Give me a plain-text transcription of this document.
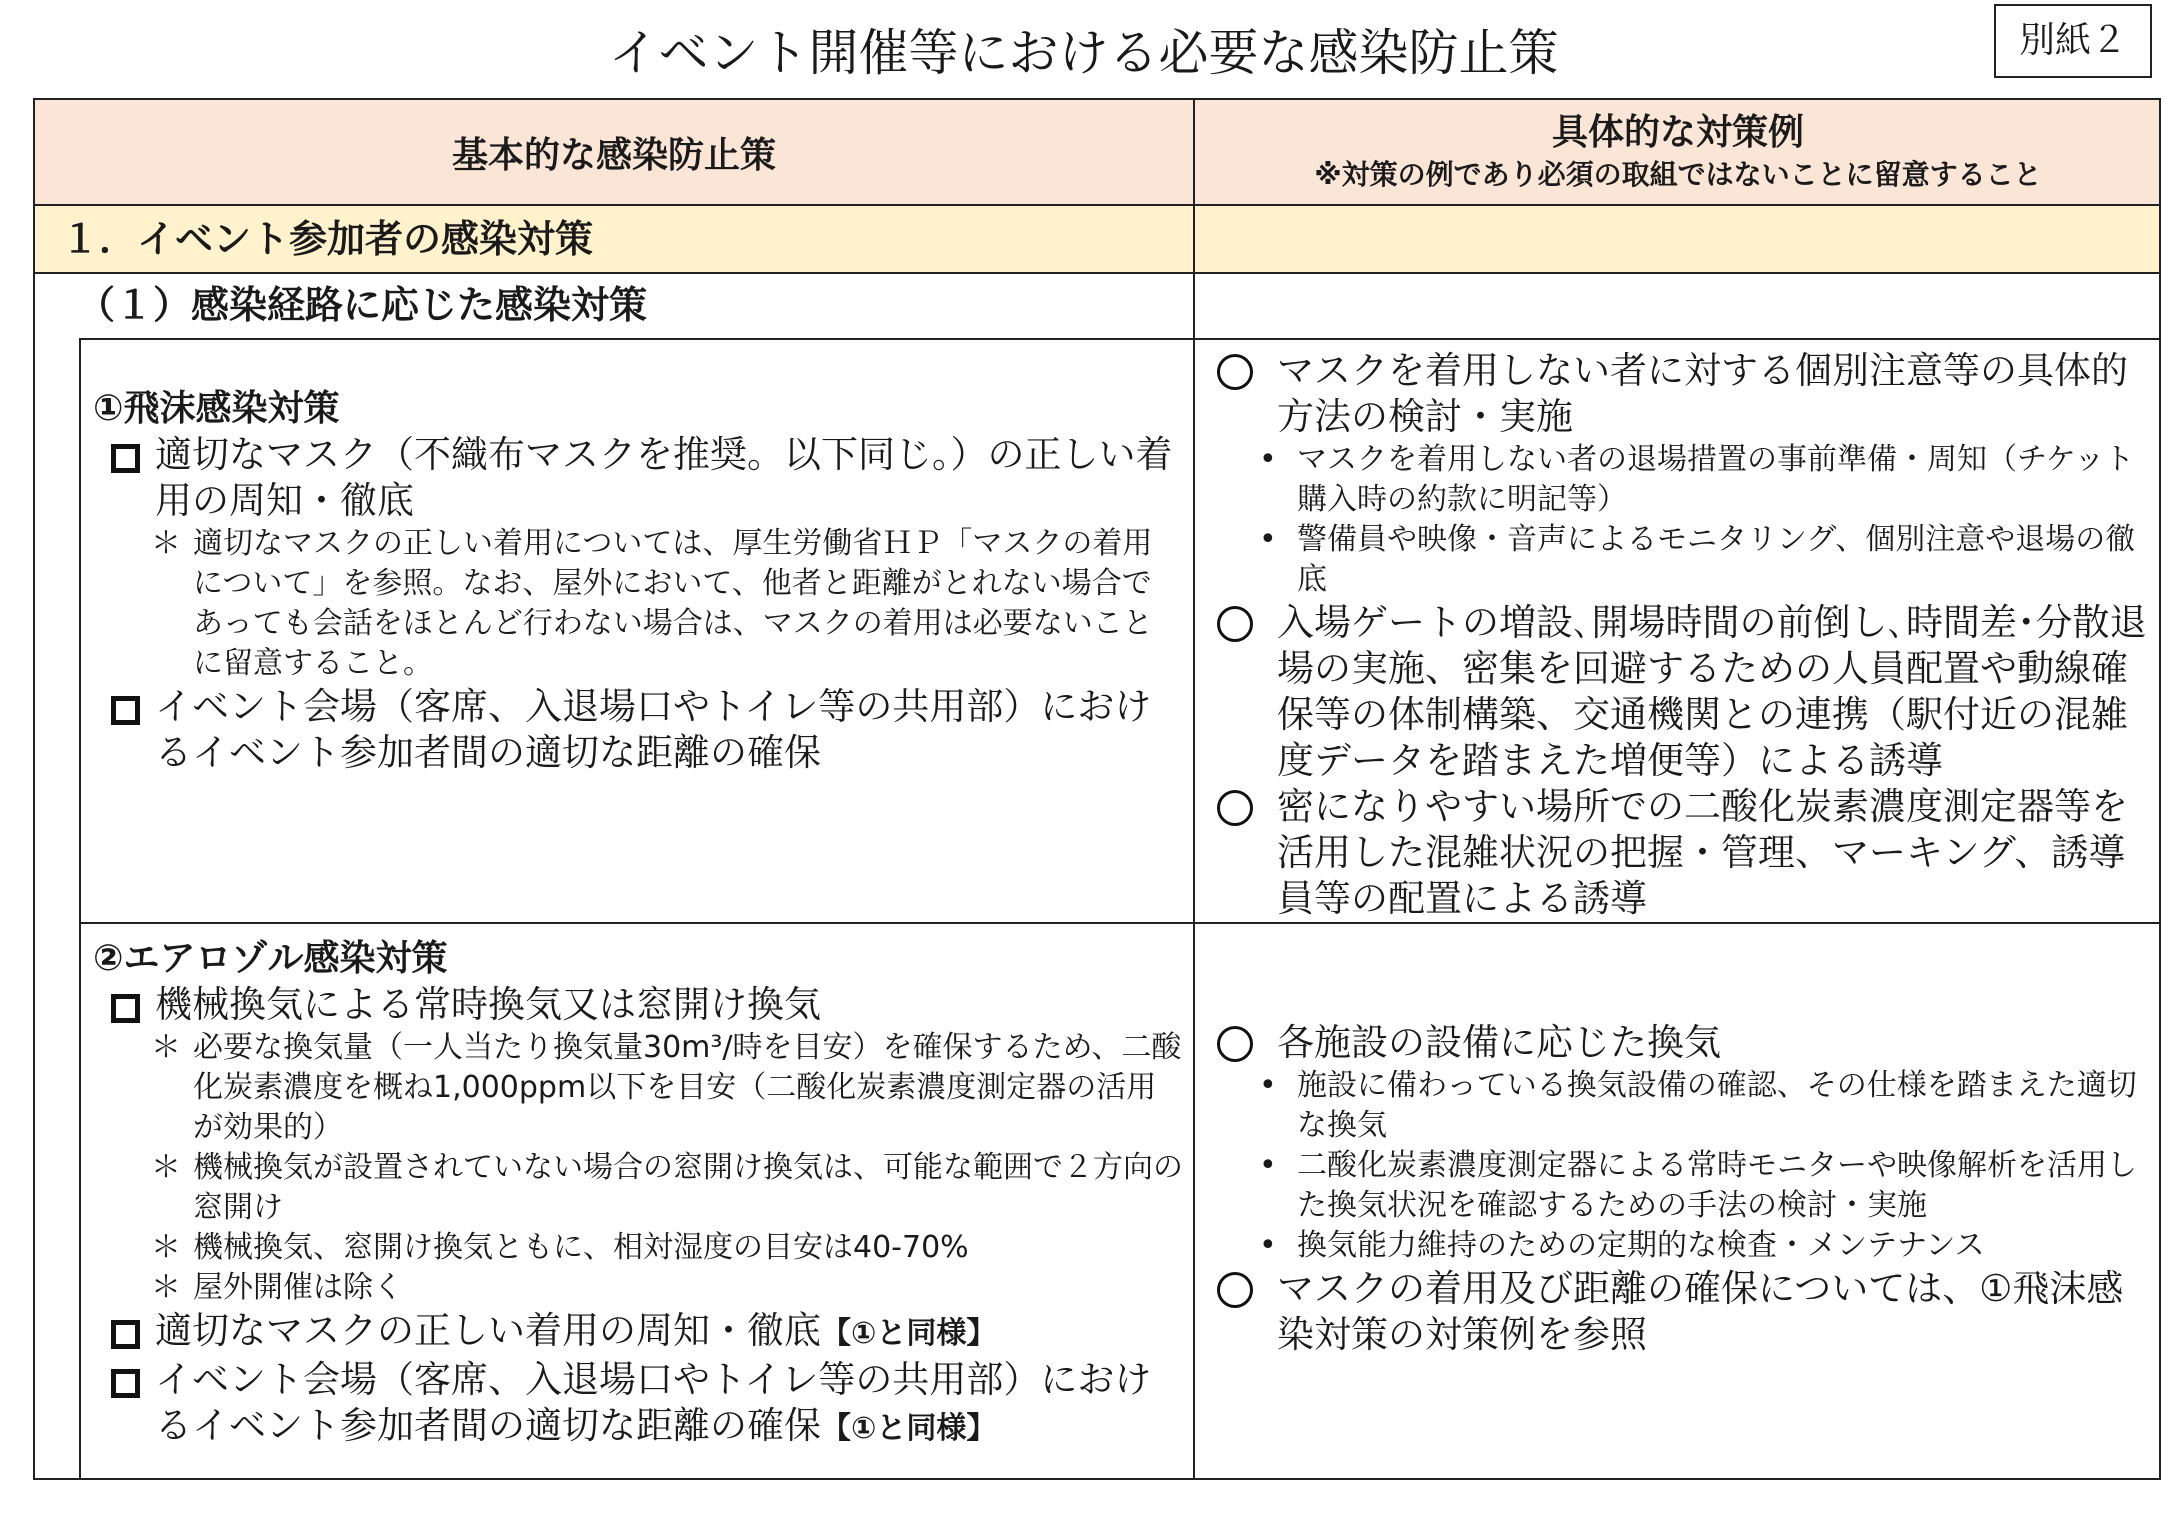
イベント開催等における必要な感染防止策	別紙２
基本的な感染防止策
具体的な対策例
※対策の例であり必須の取組ではないことに留意すること
１．イベント参加者の感染対策
（１）感染経路に応じた感染対策
①飛沫感染対策
適切なマスク（不織布マスクを推奨。以下同じ。）の正しい着用の周知・徹底
＊ 適切なマスクの正しい着用については、厚生労働省ＨＰ「マスクの着用について」を参照。なお、屋外において、他者と距離がとれない場合であっても会話をほとんど行わない場合は、マスクの着用は必要ないことに留意すること。
イベント会場（客席、入退場口やトイレ等の共用部）におけるイベント参加者間の適切な距離の確保
マスクを着用しない者に対する個別注意等の具体的方法の検討・実施
• マスクを着用しない者の退場措置の事前準備・周知（チケット購入時の約款に明記等）
• 警備員や映像・音声によるモニタリング、個別注意や退場の徹底
入場ゲートの増設､開場時間の前倒し､時間差･分散退場の実施、密集を回避するための人員配置や動線確保等の体制構築、交通機関との連携（駅付近の混雑度データを踏まえた増便等）による誘導
密になりやすい場所での二酸化炭素濃度測定器等を活用した混雑状況の把握・管理、マーキング、誘導員等の配置による誘導
②エアロゾル感染対策
機械換気による常時換気又は窓開け換気
＊ 必要な換気量（一人当たり換気量30m³/時を目安）を確保するため、二酸化炭素濃度を概ね1,000ppm以下を目安（二酸化炭素濃度測定器の活用が効果的）
＊ 機械換気が設置されていない場合の窓開け換気は、可能な範囲で２方向の窓開け
＊ 機械換気、窓開け換気ともに、相対湿度の目安は40-70%
＊ 屋外開催は除く
適切なマスクの正しい着用の周知・徹底【①と同様】
イベント会場（客席、入退場口やトイレ等の共用部）におけるイベント参加者間の適切な距離の確保【①と同様】
各施設の設備に応じた換気
• 施設に備わっている換気設備の確認、その仕様を踏まえた適切な換気
• 二酸化炭素濃度測定器による常時モニターや映像解析を活用した換気状況を確認するための手法の検討・実施
• 換気能力維持のための定期的な検査・メンテナンス
マスクの着用及び距離の確保については、①飛沫感染対策の対策例を参照
